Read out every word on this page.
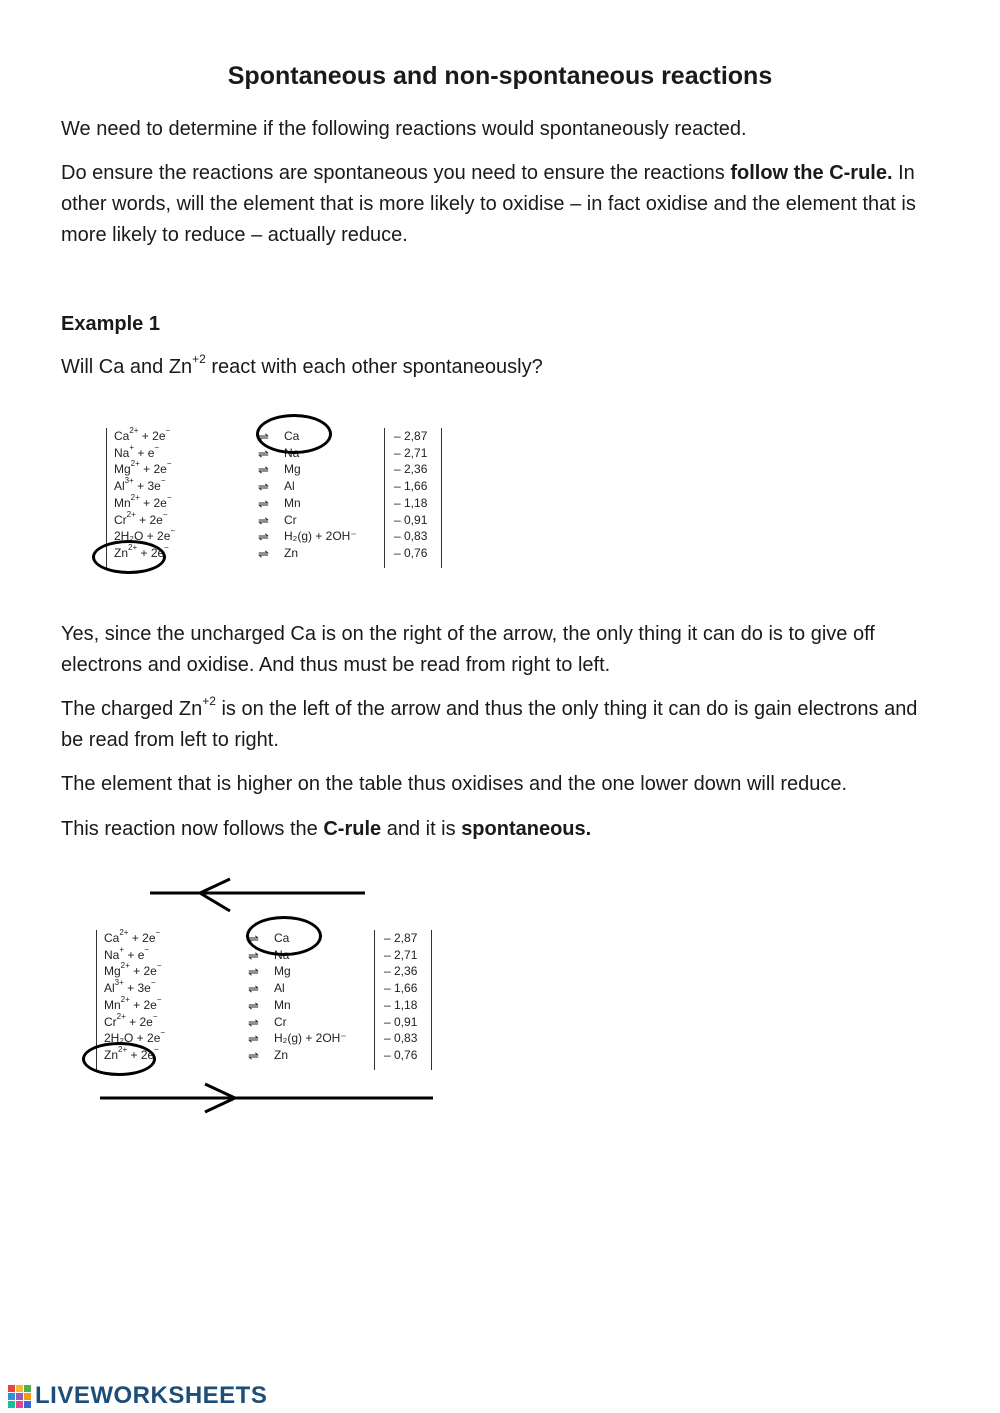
Spontaneous and non-spontaneous reactions

We need to determine if the following reactions would spontaneously reacted.

Do ensure the reactions are spontaneous you need to ensure the reactions follow the C-rule. In other words, will the element that is more likely to oxidise – in fact oxidise and the element that is more likely to reduce – actually reduce.

Example 1

Will Ca and $Zn^{+2}$ react with each other spontaneously?

$Ca^{2+} + 2e^-$	⇌ Ca	– 2,87
Na+ + e−	⇌ Na	– 2,71
$Mg^{2+} + 2e^-$	⇌ Mg	– 2,36
$Al^{3+} + 3e^-$	⇌ Al	– 1,66
$Mn^{2+} + 2e^-$	⇌ Mn	– 1,18
$Cr^{2+} + 2e^-$	⇌ Cr	– 0,91
2H₂O + 2e−	⇌ H₂(g) + 2OH⁻	– 0,83
$Zn^{2+} + 2e^-$	⇌ Zn	– 0,76

Yes, since the uncharged Ca is on the right of the arrow, the only thing it can do is to give off electrons and oxidise. And thus must be read from right to left.

The charged $Zn^{+2}$ is on the left of the arrow and thus the only thing it can do is gain electrons and be read from left to right.

The element that is higher on the table thus oxidises and the one lower down will reduce.

This reaction now follows the C-rule and it is spontaneous.

$Ca^{2+} + 2e^-$	⇌ Ca	– 2,87
Na+ + e−	⇌ Na	– 2,71
$Mg^{2+} + 2e^-$	⇌ Mg	– 2,36
$Al^{3+} + 3e^-$	⇌ Al	– 1,66
$Mn^{2+} + 2e^-$	⇌ Mn	– 1,18
$Cr^{2+} + 2e^-$	⇌ Cr	– 0,91
2H₂O + 2e−	⇌ H₂(g) + 2OH⁻	– 0,83
$Zn^{2+} + 2e^-$	⇌ Zn	– 0,76
LIVEWORKSHEETS
